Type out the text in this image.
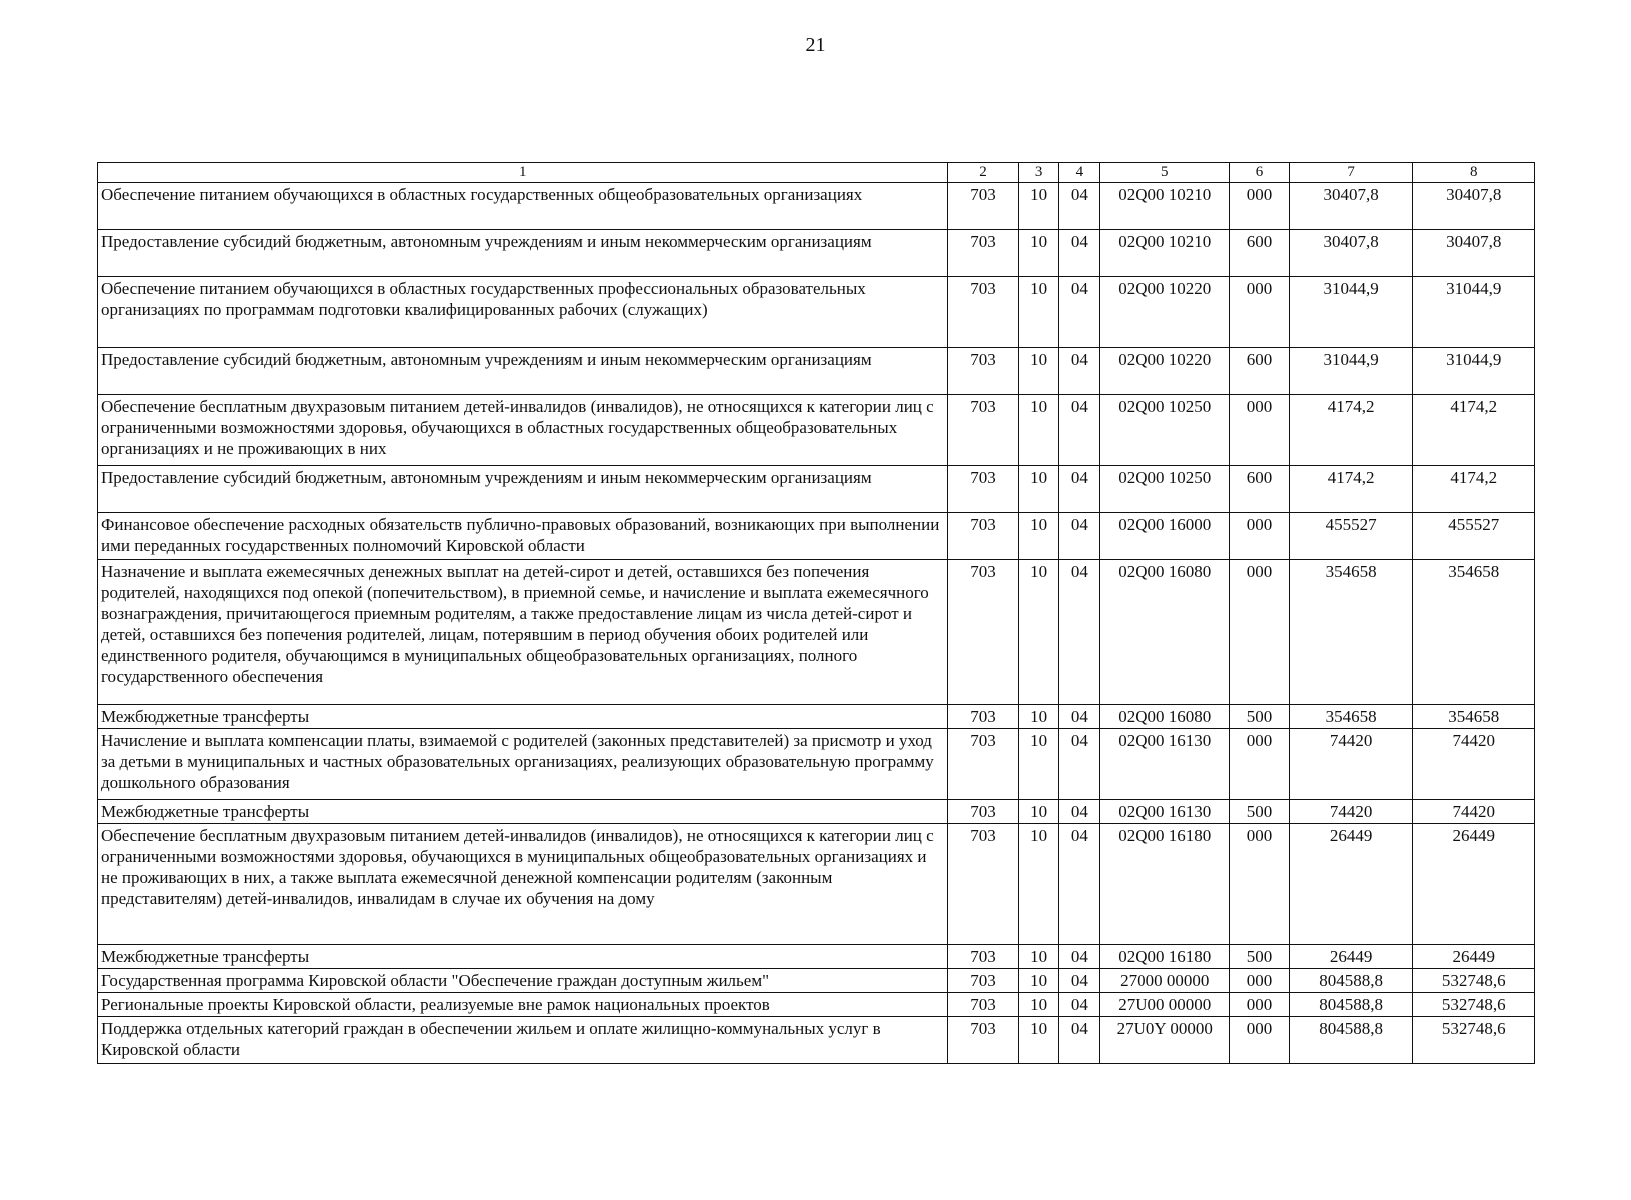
21
1	2	3	4	5	6	7	8
Обеспечение питанием обучающихся в областных государственных общеобразовательных организациях	703	10	04	02Q00 10210	000	30407,8	30407,8
Предоставление субсидий бюджетным, автономным учреждениям и иным некоммерческим организациям	703	10	04	02Q00 10210	600	30407,8	30407,8
Обеспечение питанием обучающихся в областных государственных профессиональных образовательных организациях по программам подготовки квалифицированных рабочих (служащих)	703	10	04	02Q00 10220	000	31044,9	31044,9
Предоставление субсидий бюджетным, автономным учреждениям и иным некоммерческим организациям	703	10	04	02Q00 10220	600	31044,9	31044,9
Обеспечение бесплатным двухразовым питанием детей-инвалидов (инвалидов), не относящихся к категории лиц с ограниченными возможностями здоровья, обучающихся в областных государственных общеобразовательных организациях и не проживающих в них	703	10	04	02Q00 10250	000	4174,2	4174,2
Предоставление субсидий бюджетным, автономным учреждениям и иным некоммерческим организациям	703	10	04	02Q00 10250	600	4174,2	4174,2
Финансовое обеспечение расходных обязательств публично-правовых образований, возникающих при выполнении ими переданных государственных полномочий Кировской области	703	10	04	02Q00 16000	000	455527	455527
Назначение и выплата ежемесячных денежных выплат на детей-сирот и детей, оставшихся без попечения родителей, находящихся под опекой (попечительством), в приемной семье, и начисление и выплата ежемесячного вознаграждения, причитающегося приемным родителям, а также предоставление лицам из числа детей-сирот и детей, оставшихся без попечения родителей, лицам, потерявшим в период обучения обоих родителей или единственного родителя, обучающимся в муниципальных общеобразовательных организациях, полного государственного обеспечения	703	10	04	02Q00 16080	000	354658	354658
Межбюджетные трансферты	703	10	04	02Q00 16080	500	354658	354658
Начисление и выплата компенсации платы, взимаемой с родителей (законных представителей) за присмотр и уход за детьми в муниципальных и частных образовательных организациях, реализующих образовательную программу дошкольного образования	703	10	04	02Q00 16130	000	74420	74420
Межбюджетные трансферты	703	10	04	02Q00 16130	500	74420	74420
Обеспечение бесплатным двухразовым питанием детей-инвалидов (инвалидов), не относящихся к категории лиц с ограниченными возможностями здоровья, обучающихся в муниципальных общеобразовательных организациях и не проживающих в них, а также выплата ежемесячной денежной компенсации родителям (законным представителям) детей-инвалидов, инвалидам в случае их обучения на дому	703	10	04	02Q00 16180	000	26449	26449
Межбюджетные трансферты	703	10	04	02Q00 16180	500	26449	26449
Государственная программа Кировской области "Обеспечение граждан доступным жильем"	703	10	04	27000 00000	000	804588,8	532748,6
Региональные проекты Кировской области, реализуемые вне рамок национальных проектов	703	10	04	27U00 00000	000	804588,8	532748,6
Поддержка отдельных категорий граждан в обеспечении жильем и оплате жилищно-коммунальных услуг в Кировской области	703	10	04	27U0Y 00000	000	804588,8	532748,6
